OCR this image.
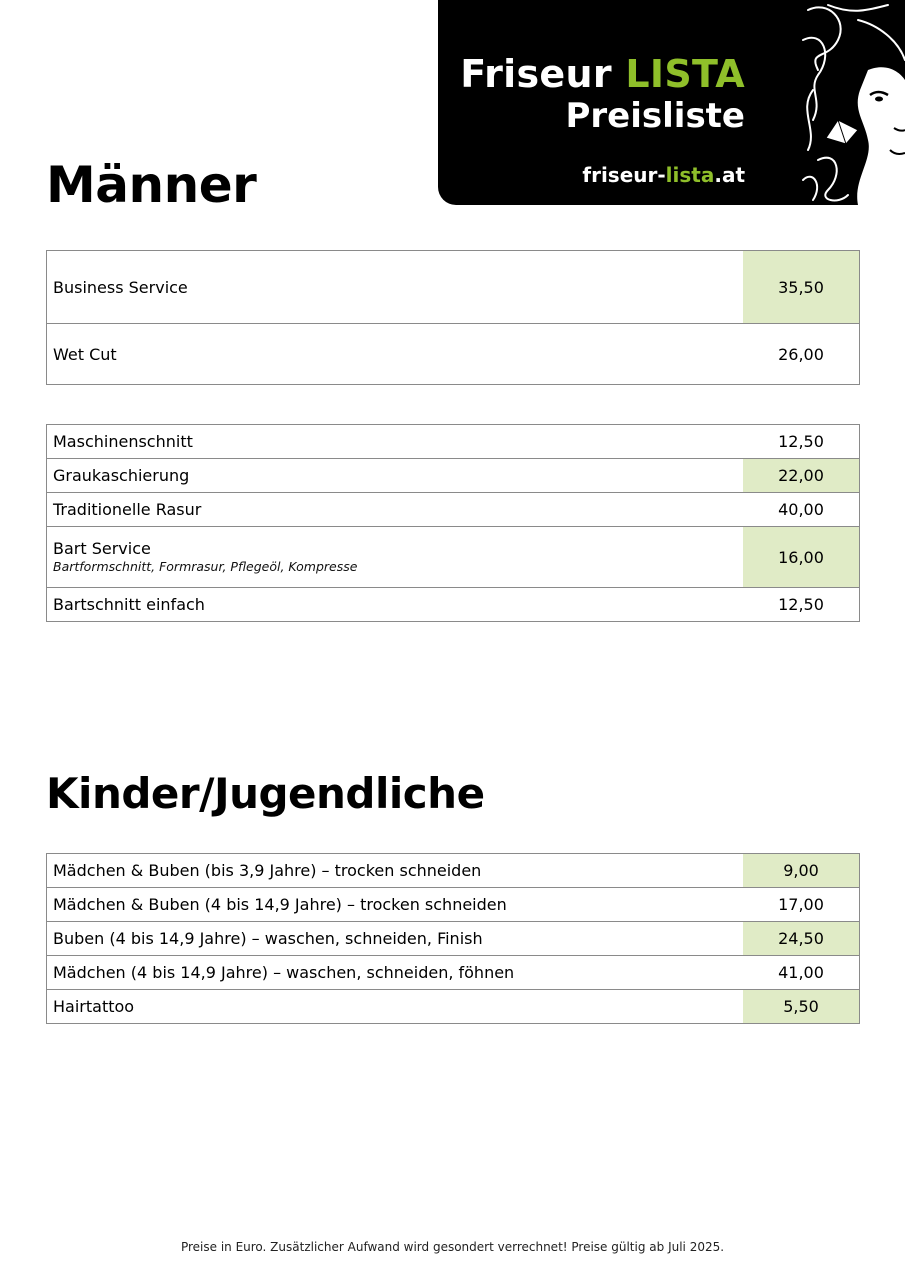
Friseur LISTA
Preisliste
friseur-lista.at
Männer
Business Service	35,50
Wet Cut	26,00
Maschinenschnitt	12,50
Graukaschierung	22,00
Traditionelle Rasur	40,00
Bart Service
Bartformschnitt, Formrasur, Pflegeöl, Kompresse	16,00
Bartschnitt einfach	12,50
Kinder/Jugendliche
Mädchen & Buben (bis 3,9 Jahre) – trocken schneiden	9,00
Mädchen & Buben (4 bis 14,9 Jahre) – trocken schneiden	17,00
Buben (4 bis 14,9 Jahre) – waschen, schneiden, Finish	24,50
Mädchen (4 bis 14,9 Jahre) – waschen, schneiden, föhnen	41,00
Hairtattoo	5,50
Preise in Euro. Zusätzlicher Aufwand wird gesondert verrechnet! Preise gültig ab Juli 2025.
